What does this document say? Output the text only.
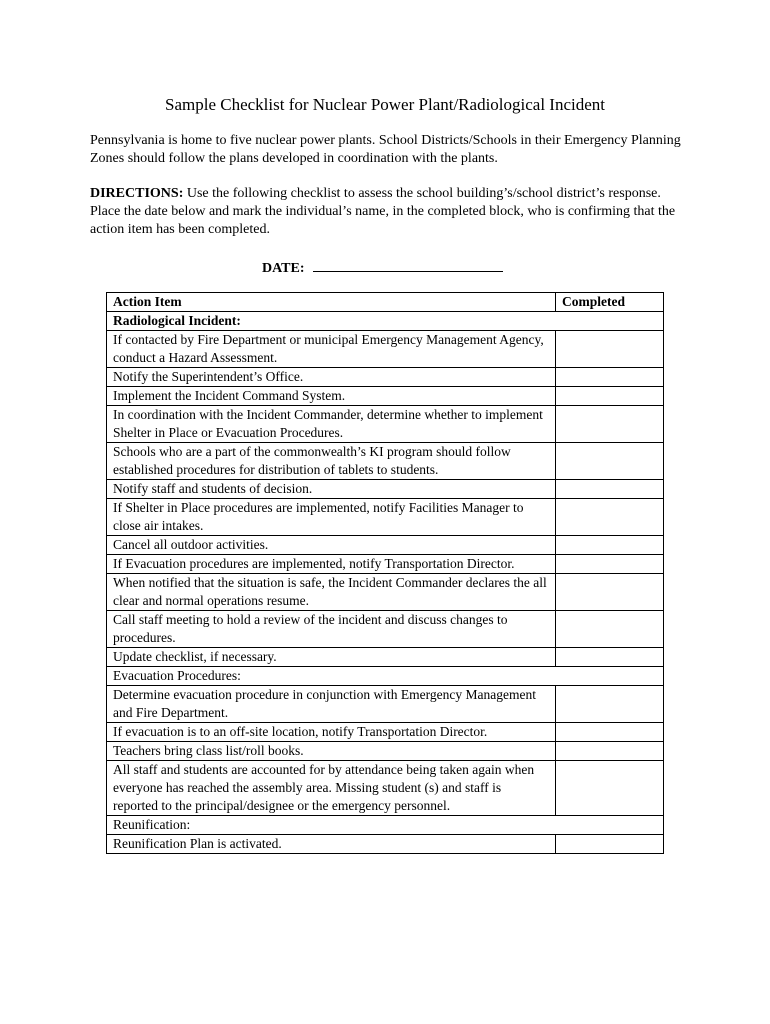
Sample Checklist for Nuclear Power Plant/Radiological Incident
Pennsylvania is home to five nuclear power plants. School Districts/Schools in their Emergency Planning Zones should follow the plans developed in coordination with the plants.
DIRECTIONS: Use the following checklist to assess the school building’s/school district’s response. Place the date below and mark the individual’s name, in the completed block, who is confirming that the action item has been completed.
DATE:
Action Item	Completed
Radiological Incident:	
If contacted by Fire Department or municipal Emergency Management Agency, conduct a Hazard Assessment.	
Notify the Superintendent’s Office.	
Implement the Incident Command System.	
In coordination with the Incident Commander, determine whether to implement Shelter in Place or Evacuation Procedures.	
Schools who are a part of the commonwealth’s KI program should follow established procedures for distribution of tablets to students.	
Notify staff and students of decision.	
If Shelter in Place procedures are implemented, notify Facilities Manager to close air intakes.	
Cancel all outdoor activities.	
If Evacuation procedures are implemented, notify Transportation Director.	
When notified that the situation is safe, the Incident Commander declares the all clear and normal operations resume.	
Call staff meeting to hold a review of the incident and discuss changes to procedures.	
Update checklist, if necessary.	
Evacuation Procedures:	
Determine evacuation procedure in conjunction with Emergency Management and Fire Department.	
If evacuation is to an off-site location, notify Transportation Director.	
Teachers bring class list/roll books.	
All staff and students are accounted for by attendance being taken again when everyone has reached the assembly area. Missing student (s) and staff is reported to the principal/designee or the emergency personnel.	
Reunification:	
Reunification Plan is activated.	
